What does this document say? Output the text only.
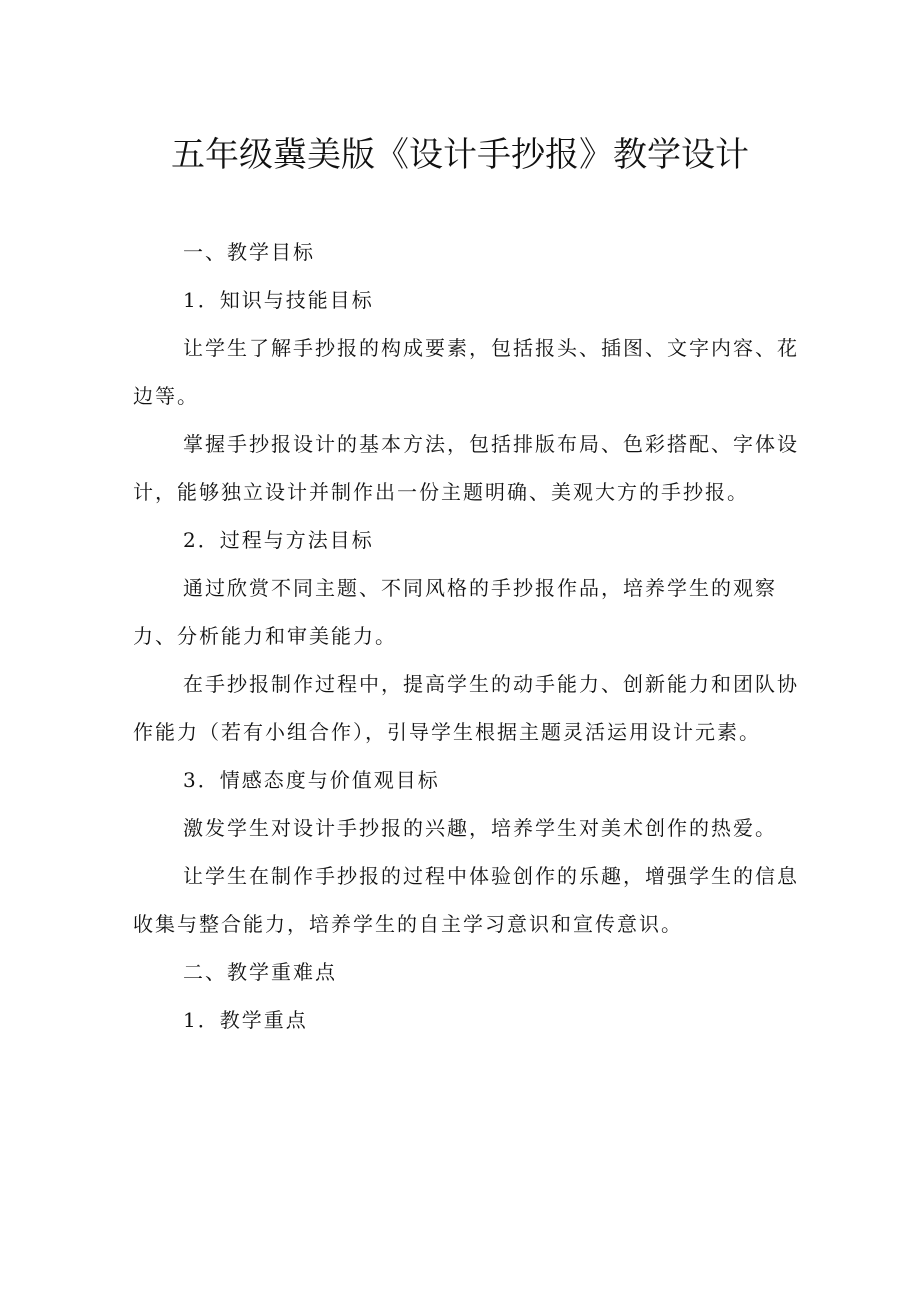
五年级冀美版《设计手抄报》教学设计

一、教学目标

1．知识与技能目标

让学生了解手抄报的构成要素，包括报头、插图、文字内容、花边等。

掌握手抄报设计的基本方法，包括排版布局、色彩搭配、字体设计，能够独立设计并制作出一份主题明确、美观大方的手抄报。

2．过程与方法目标

通过欣赏不同主题、不同风格的手抄报作品，培养学生的观察力、分析能力和审美能力。

在手抄报制作过程中，提高学生的动手能力、创新能力和团队协作能力（若有小组合作），引导学生根据主题灵活运用设计元素。

3．情感态度与价值观目标

激发学生对设计手抄报的兴趣，培养学生对美术创作的热爱。

让学生在制作手抄报的过程中体验创作的乐趣，增强学生的信息收集与整合能力，培养学生的自主学习意识和宣传意识。

二、教学重难点

1．教学重点
